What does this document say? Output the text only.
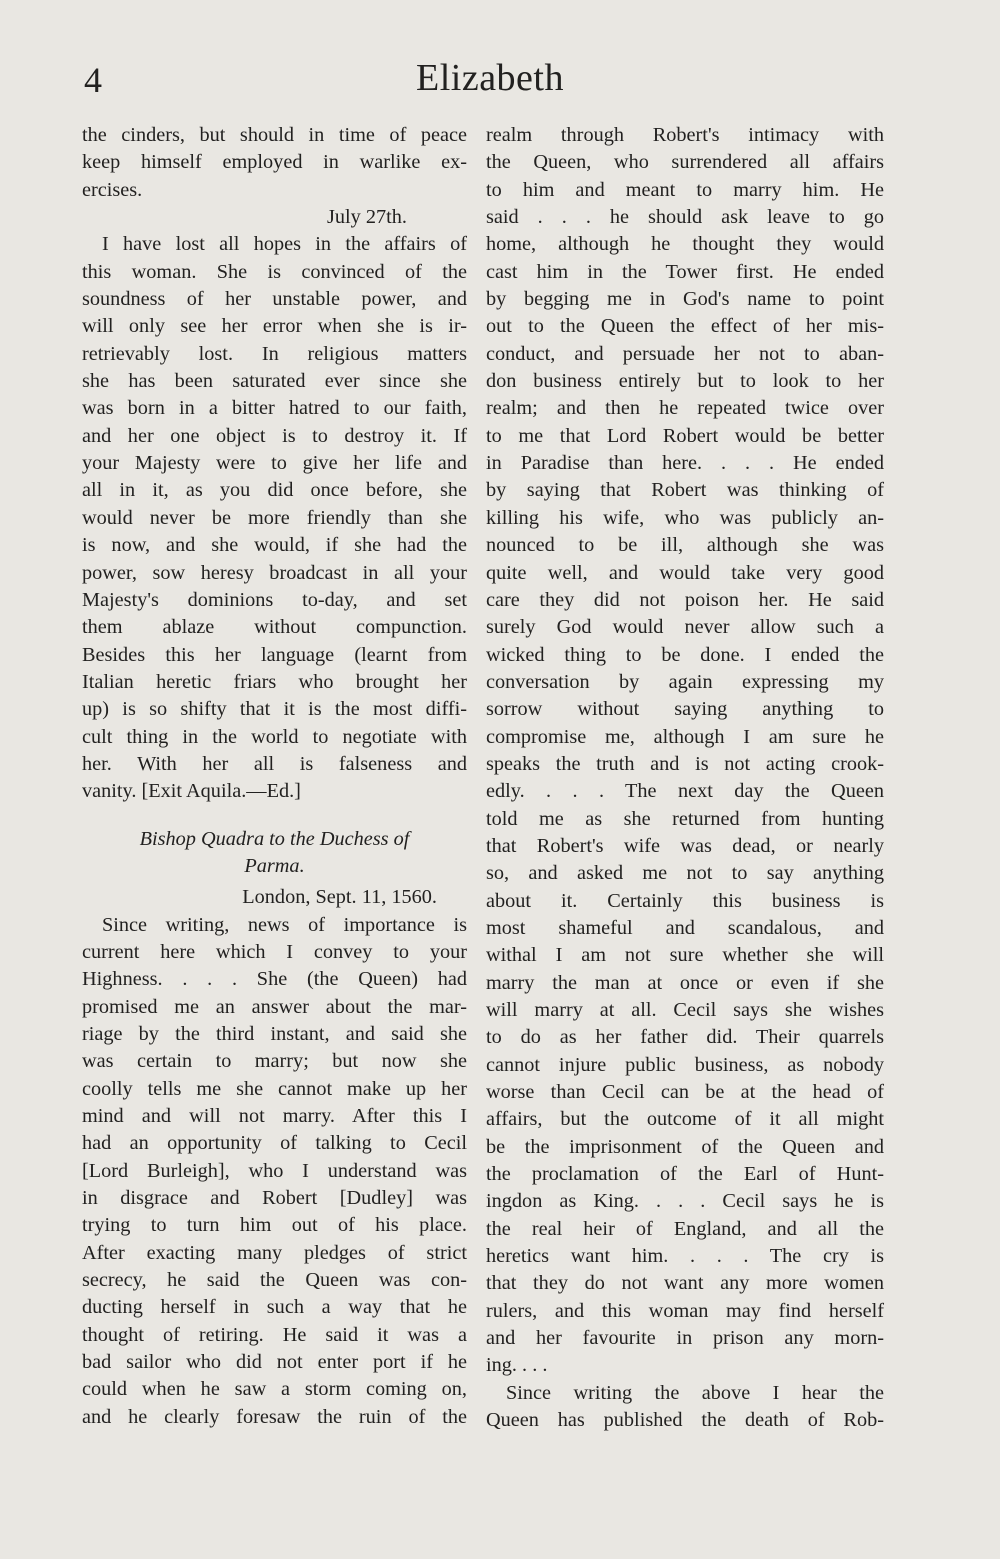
4	Elizabeth
the cinders, but should in time of peace
keep himself employed in warlike ex-
ercises.
July 27th.
I have lost all hopes in the affairs of
this woman. She is convinced of the
soundness of her unstable power, and
will only see her error when she is ir-
retrievably lost. In religious matters
she has been saturated ever since she
was born in a bitter hatred to our faith,
and her one object is to destroy it. If
your Majesty were to give her life and
all in it, as you did once before, she
would never be more friendly than she
is now, and she would, if she had the
power, sow heresy broadcast in all your
Majesty's dominions to-day, and set
them ablaze without compunction.
Besides this her language (learnt from
Italian heretic friars who brought her
up) is so shifty that it is the most diffi-
cult thing in the world to negotiate with
her. With her all is falseness and
vanity. [Exit Aquila.—Ed.]
Bishop Quadra to the Duchess of
Parma.
London, Sept. 11, 1560.
Since writing, news of importance is
current here which I convey to your
Highness. . . . She (the Queen) had
promised me an answer about the mar-
riage by the third instant, and said she
was certain to marry; but now she
coolly tells me she cannot make up her
mind and will not marry. After this I
had an opportunity of talking to Cecil
[Lord Burleigh], who I understand was
in disgrace and Robert [Dudley] was
trying to turn him out of his place.
After exacting many pledges of strict
secrecy, he said the Queen was con-
ducting herself in such a way that he
thought of retiring. He said it was a
bad sailor who did not enter port if he
could when he saw a storm coming on,
and he clearly foresaw the ruin of the
realm through Robert's intimacy with
the Queen, who surrendered all affairs
to him and meant to marry him. He
said . . . he should ask leave to go
home, although he thought they would
cast him in the Tower first. He ended
by begging me in God's name to point
out to the Queen the effect of her mis-
conduct, and persuade her not to aban-
don business entirely but to look to her
realm; and then he repeated twice over
to me that Lord Robert would be better
in Paradise than here. . . . He ended
by saying that Robert was thinking of
killing his wife, who was publicly an-
nounced to be ill, although she was
quite well, and would take very good
care they did not poison her. He said
surely God would never allow such a
wicked thing to be done. I ended the
conversation by again expressing my
sorrow without saying anything to
compromise me, although I am sure he
speaks the truth and is not acting crook-
edly. . . . The next day the Queen
told me as she returned from hunting
that Robert's wife was dead, or nearly
so, and asked me not to say anything
about it. Certainly this business is
most shameful and scandalous, and
withal I am not sure whether she will
marry the man at once or even if she
will marry at all. Cecil says she wishes
to do as her father did. Their quarrels
cannot injure public business, as nobody
worse than Cecil can be at the head of
affairs, but the outcome of it all might
be the imprisonment of the Queen and
the proclamation of the Earl of Hunt-
ingdon as King. . . . Cecil says he is
the real heir of England, and all the
heretics want him. . . . The cry is
that they do not want any more women
rulers, and this woman may find herself
and her favourite in prison any morn-
ing. . . .
Since writing the above I hear the
Queen has published the death of Rob-
